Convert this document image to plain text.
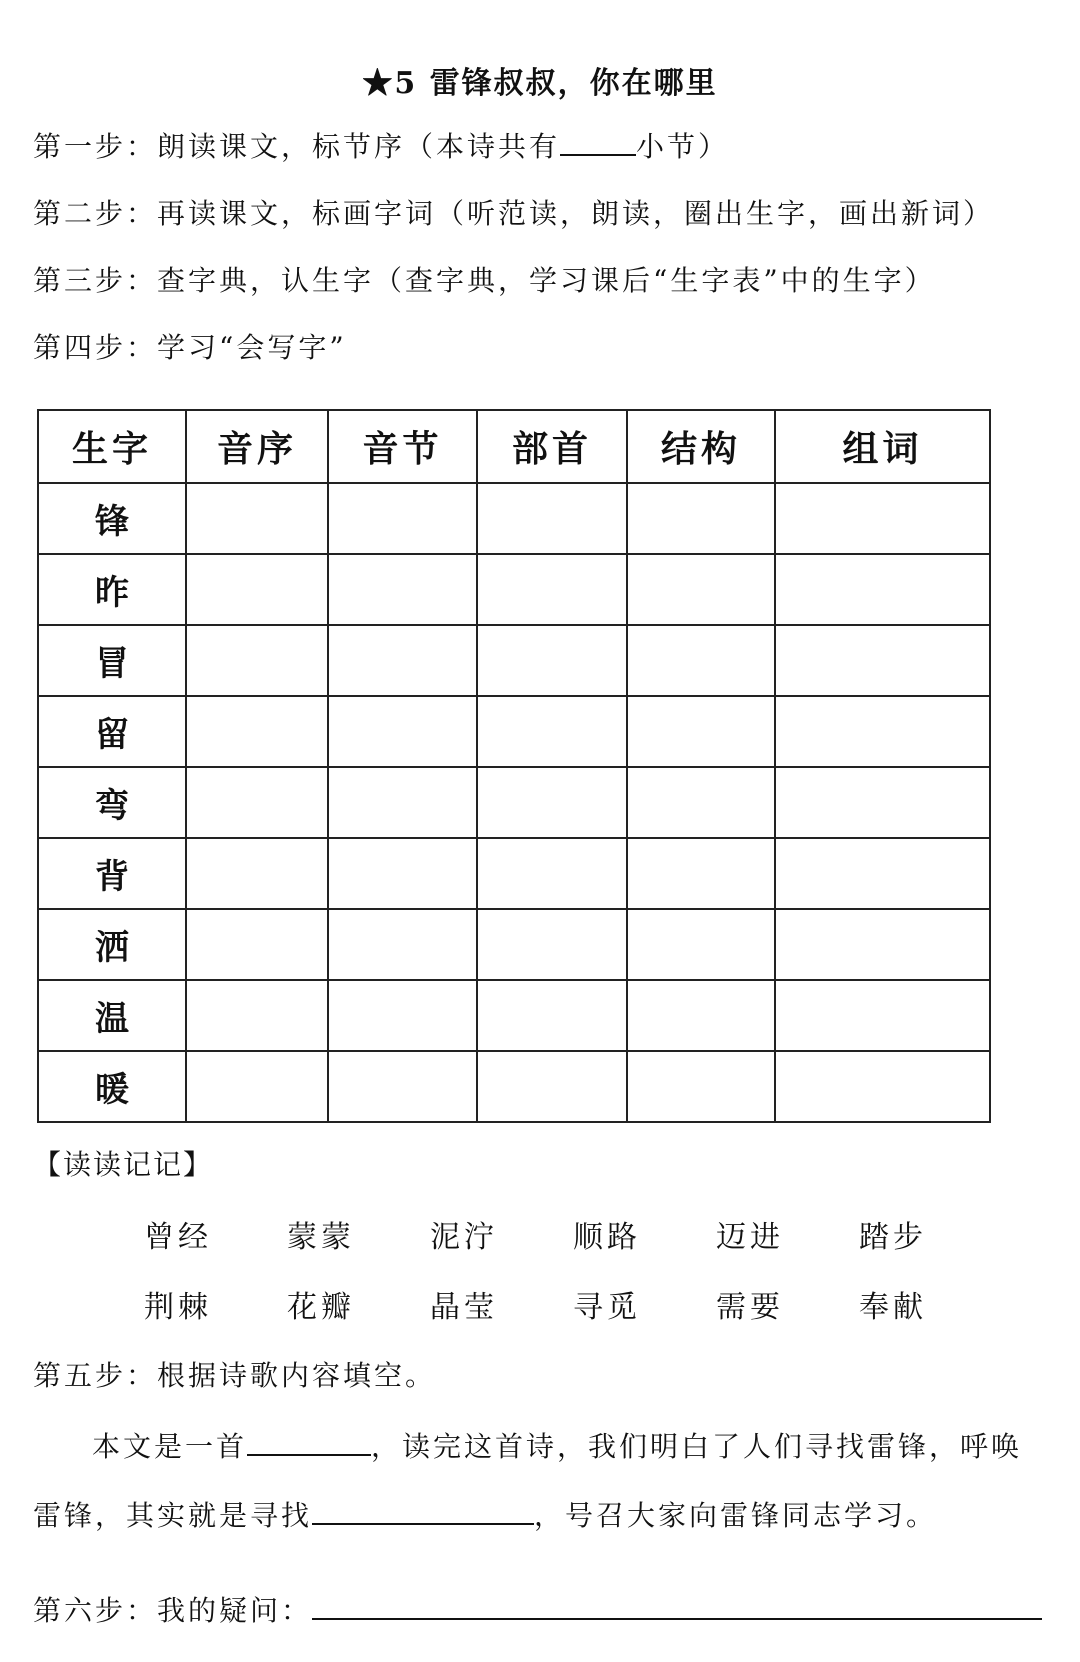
★5 雷锋叔叔，你在哪里
第一步：朗读课文，标节序（本诗共有	小节）
第二步：再读课文，标画字词（听范读，朗读，圈出生字，画出新词）
第三步：查字典，认生字（查字典，学习课后“生字表”中的生字）
第四步：学习“会写字”
生字	音序	音节	部首	结构	组词
锋					
昨					
冒					
留					
弯					
背					
洒					
温					
暖					
【读读记记】
曾经	蒙蒙	泥泞	顺路	迈进	踏步
荆棘	花瓣	晶莹	寻觅	需要	奉献
第五步：根据诗歌内容填空。
本文是一首	，读完这首诗，我们明白了人们寻找雷锋，呼唤
雷锋，其实就是寻找	，号召大家向雷锋同志学习。
第六步：我的疑问：
